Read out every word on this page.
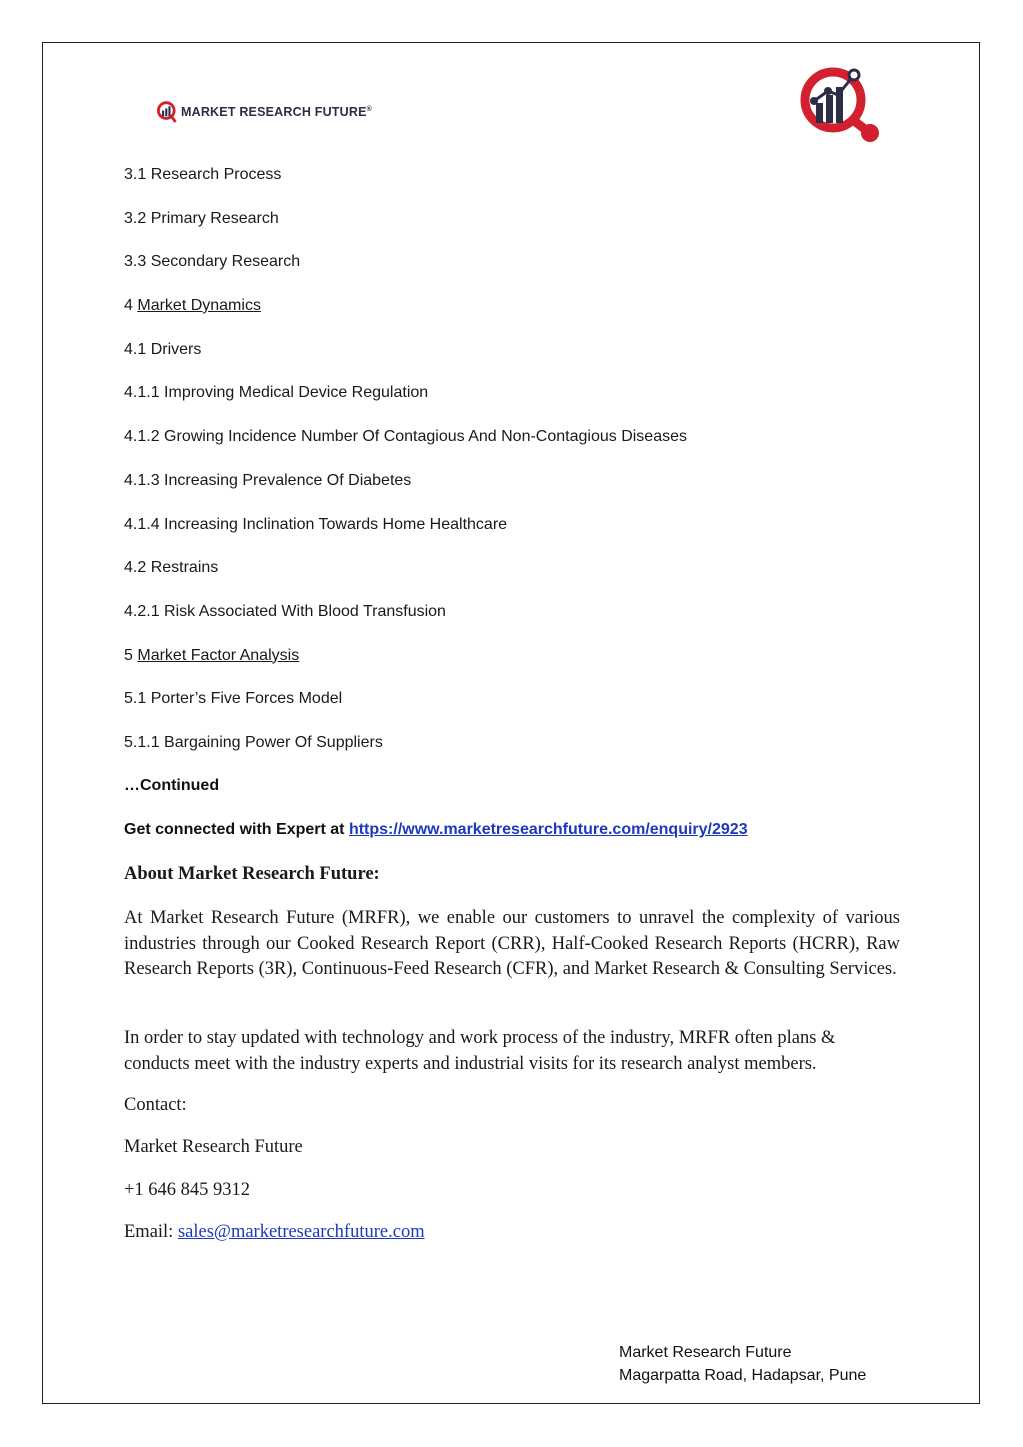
MARKET RESEARCH FUTURE®
3.1 Research Process
3.2 Primary Research
3.3 Secondary Research
4 Market Dynamics
4.1 Drivers
4.1.1 Improving Medical Device Regulation
4.1.2 Growing Incidence Number Of Contagious And Non-Contagious Diseases
4.1.3 Increasing Prevalence Of Diabetes
4.1.4 Increasing Inclination Towards Home Healthcare
4.2 Restrains
4.2.1 Risk Associated With Blood Transfusion
5 Market Factor Analysis
5.1 Porter’s Five Forces Model
5.1.1 Bargaining Power Of Suppliers
…Continued
Get connected with Expert at https://www.marketresearchfuture.com/enquiry/2923
About Market Research Future:

At Market Research Future (MRFR), we enable our customers to unravel the complexity of various industries through our Cooked Research Report (CRR), Half-Cooked Research Reports (HCRR), Raw Research Reports (3R), Continuous-Feed Research (CFR), and Market Research & Consulting Services.

In order to stay updated with technology and work process of the industry, MRFR often plans & conducts meet with the industry experts and industrial visits for its research analyst members.

Contact:
Market Research Future
+1 646 845 9312
Email: sales@marketresearchfuture.com
Market Research Future
Magarpatta Road, Hadapsar, Pune
